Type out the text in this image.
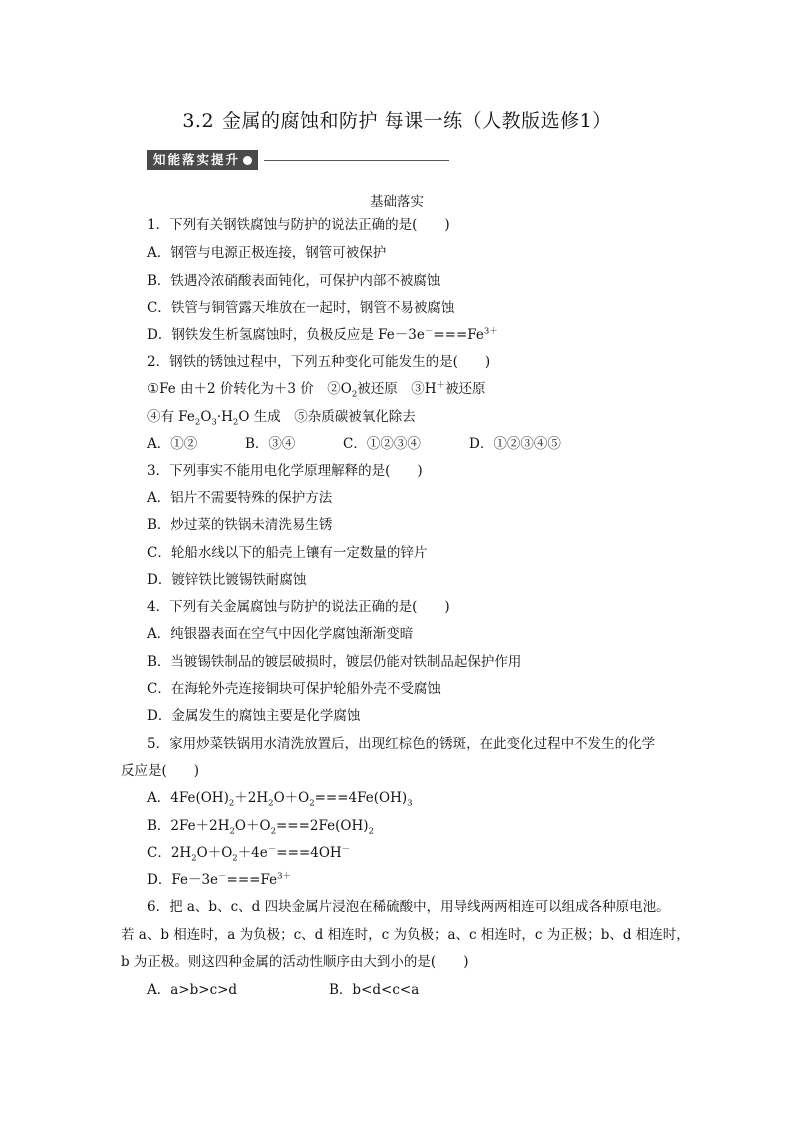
3.2 金属的腐蚀和防护 每课一练（人教版选修1）
知能落实提升
基础落实
1．下列有关钢铁腐蚀与防护的说法正确的是(　　)
A．钢管与电源正极连接，钢管可被保护
B．铁遇冷浓硝酸表面钝化，可保护内部不被腐蚀
C．铁管与铜管露天堆放在一起时，钢管不易被腐蚀
D．钢铁发生析氢腐蚀时，负极反应是 $Fe-3e^-===Fe^{3+}$
2．钢铁的锈蚀过程中，下列五种变化可能发生的是(　　)
①Fe 由＋2 价转化为＋3 价　$②O_2$被还原　③H＋被还原
④有 $Fe_2O_3\cdot H_2O$ 生成　⑤杂质碳被氧化除去
A．①②	B．③④	C．①②③④	D．①②③④⑤
3．下列事实不能用电化学原理解释的是(　　)
A．铝片不需要特殊的保护方法
B．炒过菜的铁锅未清洗易生锈
C．轮船水线以下的船壳上镶有一定数量的锌片
D．镀锌铁比镀锡铁耐腐蚀
4．下列有关金属腐蚀与防护的说法正确的是(　　)
A．纯银器表面在空气中因化学腐蚀渐渐变暗
B．当镀锡铁制品的镀层破损时，镀层仍能对铁制品起保护作用
C．在海轮外壳连接铜块可保护轮船外壳不受腐蚀
D．金属发生的腐蚀主要是化学腐蚀
5．家用炒菜铁锅用水清洗放置后，出现红棕色的锈斑，在此变化过程中不发生的化学
反应是(　　)
A．$4Fe(OH)_2+2H_2O+O_2===4Fe(OH)_3$
B．$2Fe+2H_2O+O_2===2Fe(OH)_2$
C．$2H_2O+O_2+4e^-===4OH^-$
D．$Fe-3e^-===Fe^{3+}$
6．把 a、b、c、d 四块金属片浸泡在稀硫酸中，用导线两两相连可以组成各种原电池。
若 a、b 相连时，a 为负极；c、d 相连时，c 为负极；a、c 相连时，c 为正极；b、d 相连时，
b 为正极。则这四种金属的活动性顺序由大到小的是(　　)
A．a>b>c>d	B．b<d<c<a
